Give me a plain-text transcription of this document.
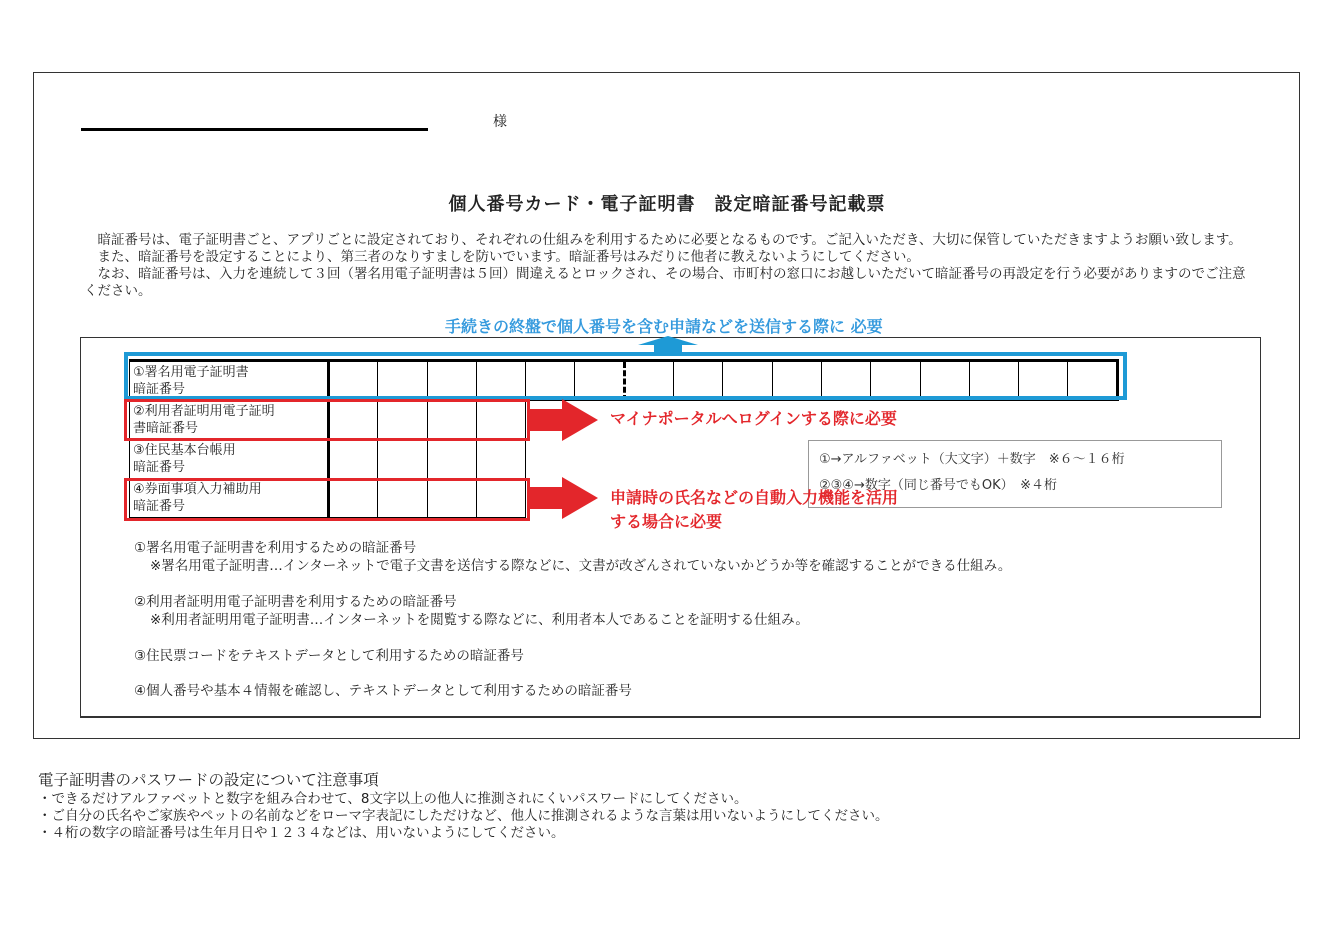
様
個人番号カード・電子証明書　設定暗証番号記載票

暗証番号は、電子証明書ごと、アプリごとに設定されており、それぞれの仕組みを利用するために必要となるものです。ご記入いただき、大切に保管していただきますようお願い致します。

また、暗証番号を設定することにより、第三者のなりすましを防いでいます。暗証番号はみだりに他者に教えないようにしてください。

なお、暗証番号は、入力を連続して３回（署名用電子証明書は５回）間違えるとロックされ、その場合、市町村の窓口にお越しいただいて暗証番号の再設定を行う必要がありますのでご注意ください。

手続きの終盤で個人番号を含む申請などを送信する際に 必要
①署名用電子証明書
暗証番号																
②利用者証明用電子証明
書暗証番号																
③住民基本台帳用
暗証番号																
④券面事項入力補助用
暗証番号																
マイナポータルへログインする際に必要
①→アルファベット（大文字）＋数字　※６～１６桁
②③④→数字（同じ番号でもOK）　※４桁
申請時の氏名などの自動入力機能を活用
する場合に必要
①署名用電子証明書を利用するための暗証番号
※署名用電子証明書…インターネットで電子文書を送信する際などに、文書が改ざんされていないかどうか等を確認することができる仕組み。
②利用者証明用電子証明書を利用するための暗証番号
※利用者証明用電子証明書…インターネットを閲覧する際などに、利用者本人であることを証明する仕組み。
③住民票コードをテキストデータとして利用するための暗証番号
④個人番号や基本４情報を確認し、テキストデータとして利用するための暗証番号
電子証明書のパスワードの設定について注意事項
・できるだけアルファベットと数字を組み合わせて、8文字以上の他人に推測されにくいパスワードにしてください。
・ご自分の氏名やご家族やペットの名前などをローマ字表記にしただけなど、他人に推測されるような言葉は用いないようにしてください。
・４桁の数字の暗証番号は生年月日や１２３４などは、用いないようにしてください。
